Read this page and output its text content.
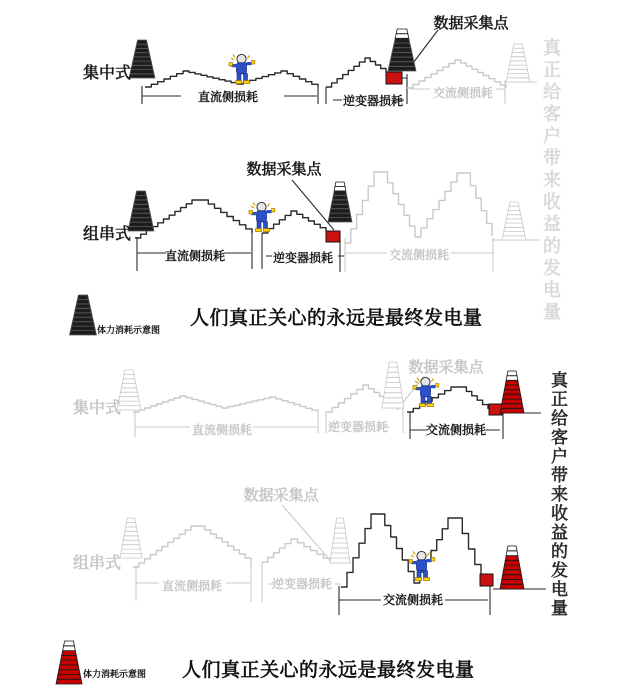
集中式
数据采集点
直流侧损耗	逆变器损耗
交流侧损耗
数据采集点
组串式
直流侧损耗	逆变器损耗	交流侧损耗
体力消耗示意图
人们真正关心的永远是最终发电量
集中式
数据采集点
直流侧损耗	逆变器损耗	交流侧损耗
数据采集点
组串式
直流侧损耗	逆变器损耗
交流侧损耗
体力消耗示意图 人们真正关心的永远是最终发电量
真正给客户带来收益的发电量
真正给客户带来收益的发电量
